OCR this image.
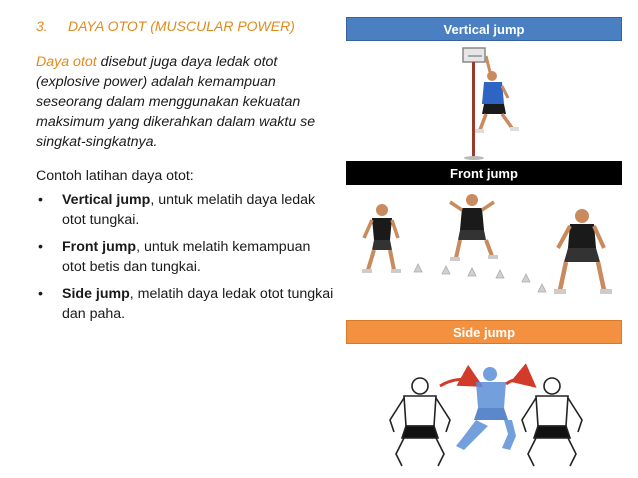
3. DAYA OTOT (MUSCULAR POWER)
Daya otot disebut juga daya ledak otot (explosive power) adalah kemampuan seseorang dalam menggunakan kekuatan maksimum yang dikerahkan dalam waktu se singkat-singkatnya.
Contoh latihan daya otot:
• Vertical jump, untuk melatih daya ledak otot tungkai.
• Front jump, untuk melatih kemampuan otot betis dan tungkai.
• Side jump, melatih daya ledak otot tungkai dan paha.
Vertical jump
Front jump
Side jump
